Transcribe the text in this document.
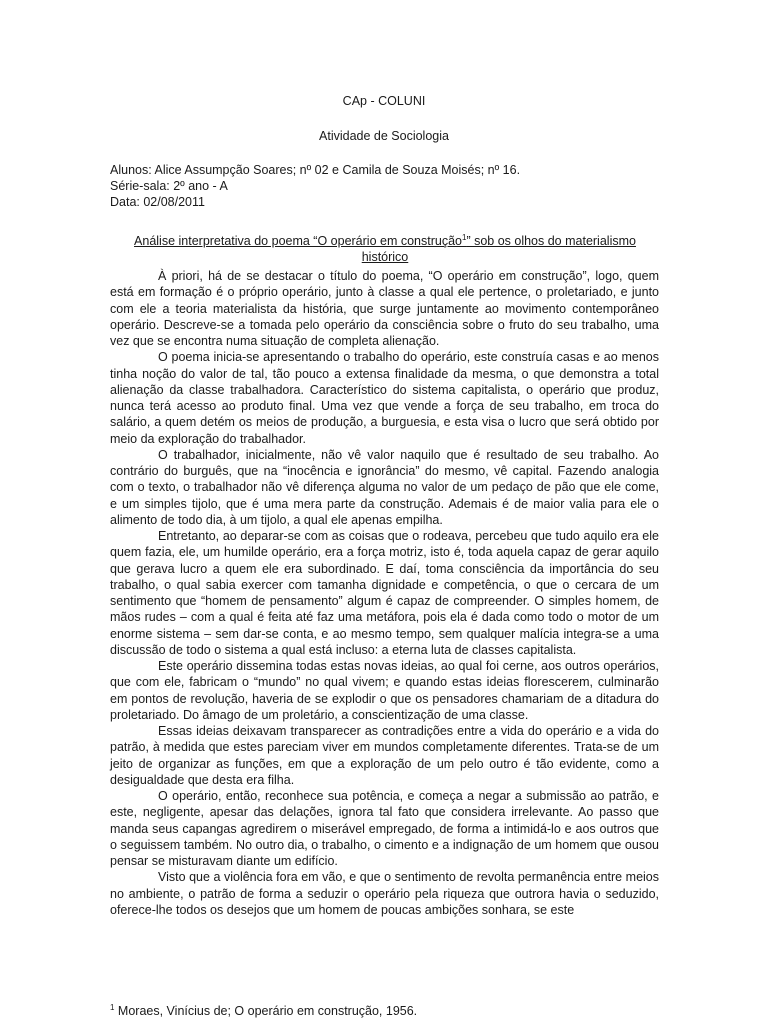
CAp - COLUNI
Atividade de Sociologia
Alunos: Alice Assumpção Soares; nº 02 e Camila de Souza Moisés; nº 16.
Série-sala: 2º ano - A
Data: 02/08/2011
Análise interpretativa do poema “O operário em construção$^1$” sob os olhos do materialismo histórico

À priori, há de se destacar o título do poema, “O operário em construção”, logo, quem está em formação é o próprio operário, junto à classe a qual ele pertence, o proletariado, e junto com ele a teoria materialista da história, que surge juntamente ao movimento contemporâneo operário. Descreve-se a tomada pelo operário da consciência sobre o fruto do seu trabalho, uma vez que se encontra numa situação de completa alienação.

O poema inicia-se apresentando o trabalho do operário, este construía casas e ao menos tinha noção do valor de tal, tão pouco a extensa finalidade da mesma, o que demonstra a total alienação da classe trabalhadora. Característico do sistema capitalista, o operário que produz, nunca terá acesso ao produto final. Uma vez que vende a força de seu trabalho, em troca do salário, a quem detém os meios de produção, a burguesia, e esta visa o lucro que será obtido por meio da exploração do trabalhador.

O trabalhador, inicialmente, não vê valor naquilo que é resultado de seu trabalho. Ao contrário do burguês, que na “inocência e ignorância” do mesmo, vê capital. Fazendo analogia com o texto, o trabalhador não vê diferença alguma no valor de um pedaço de pão que ele come, e um simples tijolo, que é uma mera parte da construção. Ademais é de maior valia para ele o alimento de todo dia, à um tijolo, a qual ele apenas empilha.

Entretanto, ao deparar-se com as coisas que o rodeava, percebeu que tudo aquilo era ele quem fazia, ele, um humilde operário, era a força motriz, isto é, toda aquela capaz de gerar aquilo que gerava lucro a quem ele era subordinado. E daí, toma consciência da importância do seu trabalho, o qual sabia exercer com tamanha dignidade e competência, o que o cercara de um sentimento que “homem de pensamento” algum é capaz de compreender. O simples homem, de mãos rudes – com a qual é feita até faz uma metáfora, pois ela é dada como todo o motor de um enorme sistema – sem dar-se conta, e ao mesmo tempo, sem qualquer malícia integra-se a uma discussão de todo o sistema a qual está incluso: a eterna luta de classes capitalista.

Este operário dissemina todas estas novas ideias, ao qual foi cerne, aos outros operários, que com ele, fabricam o “mundo” no qual vivem; e quando estas ideias florescerem, culminarão em pontos de revolução, haveria de se explodir o que os pensadores chamariam de a ditadura do proletariado. Do âmago de um proletário, a conscientização de uma classe.

Essas ideias deixavam transparecer as contradições entre a vida do operário e a vida do patrão, à medida que estes pareciam viver em mundos completamente diferentes. Trata-se de um jeito de organizar as funções, em que a exploração de um pelo outro é tão evidente, como a desigualdade que desta era filha.

O operário, então, reconhece sua potência, e começa a negar a submissão ao patrão, e este, negligente, apesar das delações, ignora tal fato que considera irrelevante. Ao passo que manda seus capangas agredirem o miserável empregado, de forma a intimidá-lo e aos outros que o seguissem também. No outro dia, o trabalho, o cimento e a indignação de um homem que ousou pensar se misturavam diante um edifício.

Visto que a violência fora em vão, e que o sentimento de revolta permanência entre meios no ambiente, o patrão de forma a seduzir o operário pela riqueza que outrora havia o seduzido, oferece-lhe todos os desejos que um homem de poucas ambições sonhara, se este

$^1$ Moraes, Vinícius de; O operário em construção, 1956.
